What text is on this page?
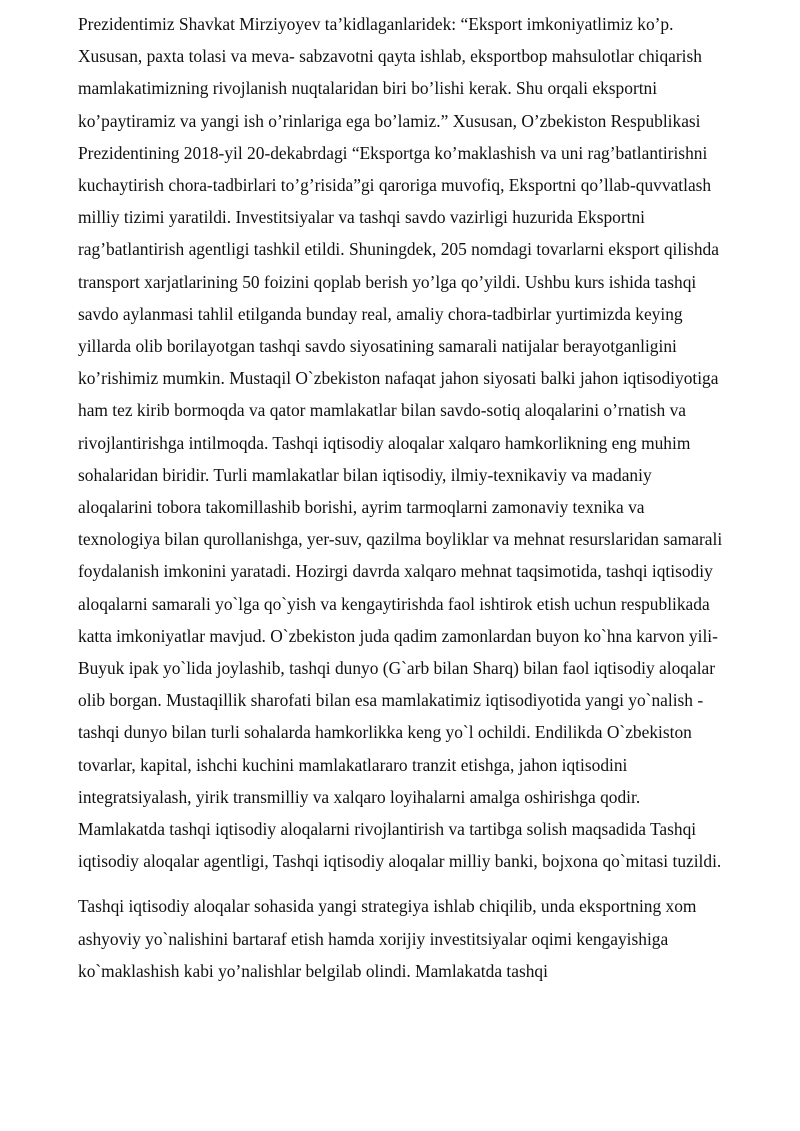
Prezidentimiz Shavkat Mirziyoyev ta’kidlaganlaridek: “Eksport imkoniyatlimiz ko’p. Xususan, paxta tolasi va meva- sabzavotni qayta ishlab, eksportbop mahsulotlar chiqarish mamlakatimizning rivojlanish nuqtalaridan biri bo’lishi kerak. Shu orqali eksportni ko’paytiramiz va yangi ish o’rinlariga ega bo’lamiz.” Xususan, O’zbekiston Respublikasi Prezidentining 2018-yil 20-dekabrdagi “Eksportga ko’maklashish va uni rag’batlantirishni kuchaytirish chora-tadbirlari to’g’risida”gi qaroriga muvofiq, Eksportni qo’llab-quvvatlash milliy tizimi yaratildi. Investitsiyalar va tashqi savdo vazirligi huzurida Eksportni rag’batlantirish agentligi tashkil etildi. Shuningdek, 205 nomdagi tovarlarni eksport qilishda transport xarjatlarining 50 foizini qoplab berish yo’lga qo’yildi. Ushbu kurs ishida tashqi savdo aylanmasi tahlil etilganda bunday real, amaliy chora-tadbirlar yurtimizda keying yillarda olib borilayotgan tashqi savdo siyosatining samarali natijalar berayotganligini ko’rishimiz mumkin. Mustaqil O`zbekiston nafaqat jahon siyosati balki jahon iqtisodiyotiga ham tez kirib bormoqda va qator mamlakatlar bilan savdo-sotiq aloqalarini o’rnatish va rivojlantirishga intilmoqda. Tashqi iqtisodiy aloqalar xalqaro hamkorlikning eng muhim sohalaridan biridir. Turli mamlakatlar bilan iqtisodiy, ilmiy-texnikaviy va madaniy aloqalarini tobora takomillashib borishi, ayrim tarmoqlarni zamonaviy texnika va texnologiya bilan qurollanishga, yer-suv, qazilma boyliklar va mehnat resurslaridan samarali foydalanish imkonini yaratadi. Hozirgi davrda xalqaro mehnat taqsimotida, tashqi iqtisodiy aloqalarni samarali yo`lga qo`yish va kengaytirishda faol ishtirok etish uchun respublikada katta imkoniyatlar mavjud. O`zbekiston juda qadim zamonlardan buyon ko`hna karvon yili-Buyuk ipak yo`lida joylashib, tashqi dunyo (G`arb bilan Sharq) bilan faol iqtisodiy aloqalar olib borgan. Mustaqillik sharofati bilan esa mamlakatimiz iqtisodiyotida yangi yo`nalish - tashqi dunyo bilan turli sohalarda hamkorlikka keng yo`l ochildi. Endilikda O`zbekiston tovarlar, kapital, ishchi kuchini mamlakatlararo tranzit etishga, jahon iqtisodini integratsiyalash, yirik transmilliy va xalqaro loyihalarni amalga oshirishga qodir. Mamlakatda tashqi iqtisodiy aloqalarni rivojlantirish va tartibga solish maqsadida Tashqi iqtisodiy aloqalar agentligi, Tashqi iqtisodiy aloqalar milliy banki, bojxona qo`mitasi tuzildi.

Tashqi iqtisodiy aloqalar sohasida yangi strategiya ishlab chiqilib, unda eksportning xom ashyoviy yo`nalishini bartaraf etish hamda xorijiy investitsiyalar oqimi kengayishiga ko`maklashish kabi yo’nalishlar belgilab olindi. Mamlakatda tashqi
